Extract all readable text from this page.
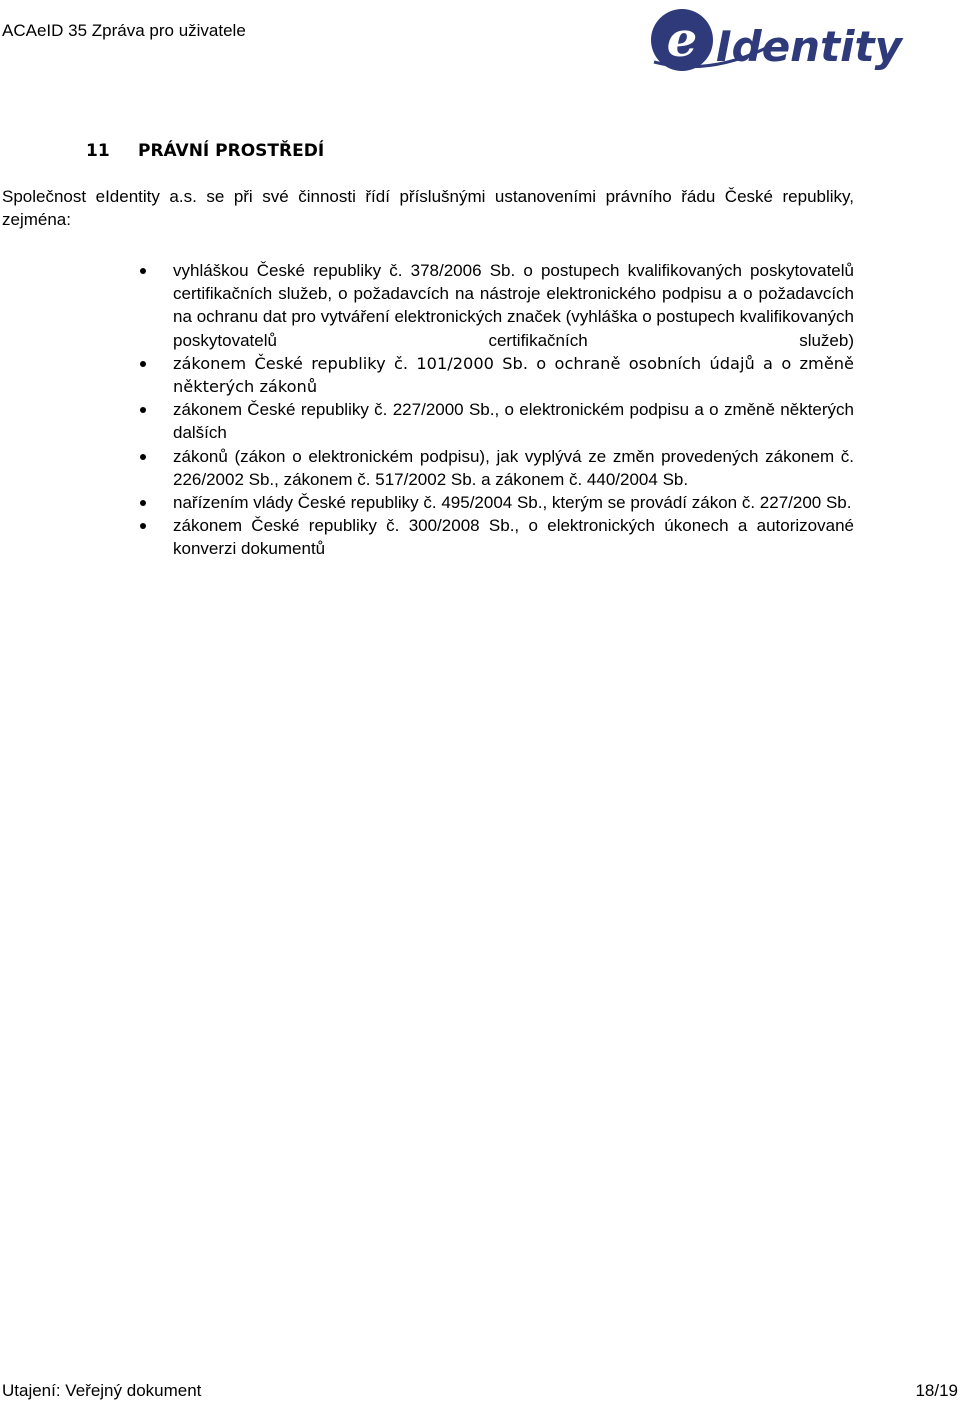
ACAeID 35 Zpráva pro uživatele	e Identity
11 PRÁVNÍ PROSTŘEDÍ
Společnost eIdentity a.s. se při své činnosti řídí příslušnými ustanoveními právního řádu České republiky, zejména:
vyhláškou České republiky č. 378/2006 Sb. o postupech kvalifikovaných poskytovatelů certifikačních služeb, o požadavcích na nástroje elektronického podpisu a o požadavcích na ochranu dat pro vytváření elektronických značek (vyhláška o postupech kvalifikovaných poskytovatelů certifikačních služeb)
zákonem České republiky č. 101/2000 Sb. o ochraně osobních údajů a o změně některých zákonů
zákonem České republiky č. 227/2000 Sb., o elektronickém podpisu a o změně některých dalších
zákonů (zákon o elektronickém podpisu), jak vyplývá ze změn provedených zákonem č. 226/2002 Sb., zákonem č. 517/2002 Sb. a zákonem č. 440/2004 Sb.
nařízením vlády České republiky č. 495/2004 Sb., kterým se provádí zákon č. 227/200 Sb.
zákonem České republiky č. 300/2008 Sb., o elektronických úkonech a autorizované konverzi dokumentů
Utajení: Veřejný dokument	18/19
